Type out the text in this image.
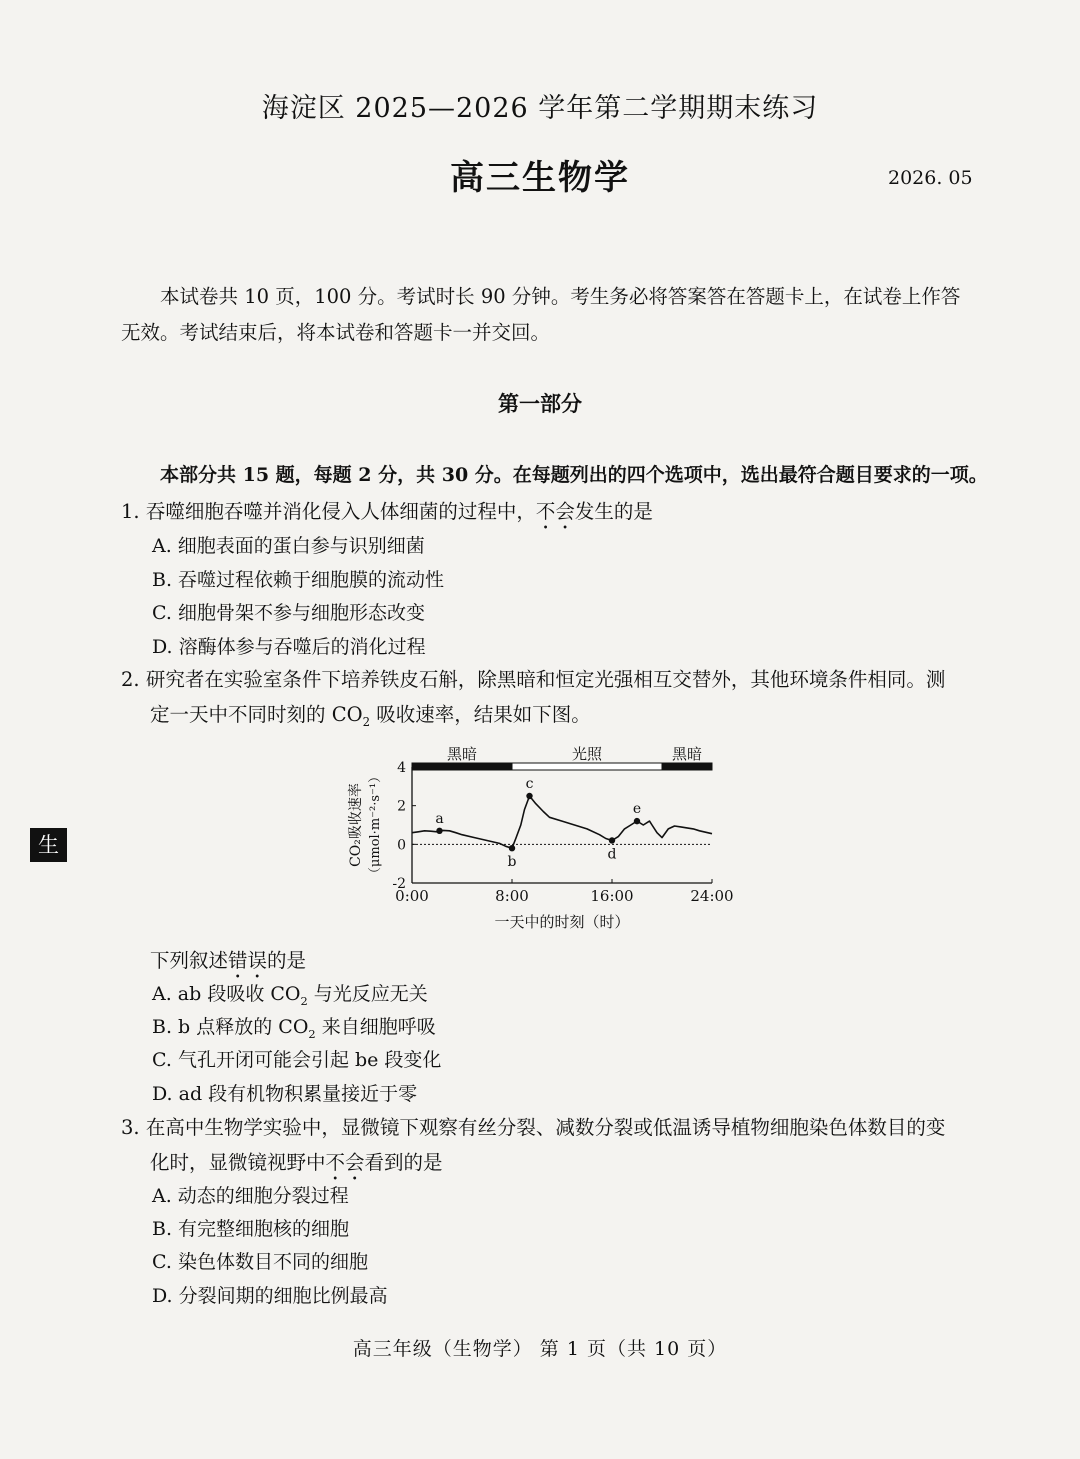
海淀区 2025—2026 学年第二学期期末练习
高三生物学	2026. 05
本试卷共 10 页，100 分。考试时长 90 分钟。考生务必将答案答在答题卡上，在试卷上作答
无效。考试结束后，将本试卷和答题卡一并交回。
第一部分
本部分共 15 题，每题 2 分，共 30 分。在每题列出的四个选项中，选出最符合题目要求的一项。
1. 吞噬细胞吞噬并消化侵入人体细菌的过程中，不会发生的是
A. 细胞表面的蛋白参与识别细菌
B. 吞噬过程依赖于细胞膜的流动性
C. 细胞骨架不参与细胞形态改变
D. 溶酶体参与吞噬后的消化过程
2. 研究者在实验室条件下培养铁皮石斛，除黑暗和恒定光强相互交替外，其他环境条件相同。测
定一天中不同时刻的 $CO_2$ 吸收速率，结果如下图。
黑暗	光照	黑暗
4
2
0
-2
0:00	8:00	16:00	24:00
一天中的时刻（时）
CO₂吸收速率 （μmol·m⁻²·s⁻¹）	a
b
c
d
e
下列叙述错误的是
A. ab 段吸收 $CO_2$ 与光反应无关
B. b 点释放的 $CO_2$ 来自细胞呼吸
C. 气孔开闭可能会引起 be 段变化
D. ad 段有机物积累量接近于零
3. 在高中生物学实验中，显微镜下观察有丝分裂、减数分裂或低温诱导植物细胞染色体数目的变
化时，显微镜视野中不会看到的是
A. 动态的细胞分裂过程
B. 有完整细胞核的细胞
C. 染色体数目不同的细胞
D. 分裂间期的细胞比例最高
生
高三年级（生物学） 第 1 页（共 10 页）
